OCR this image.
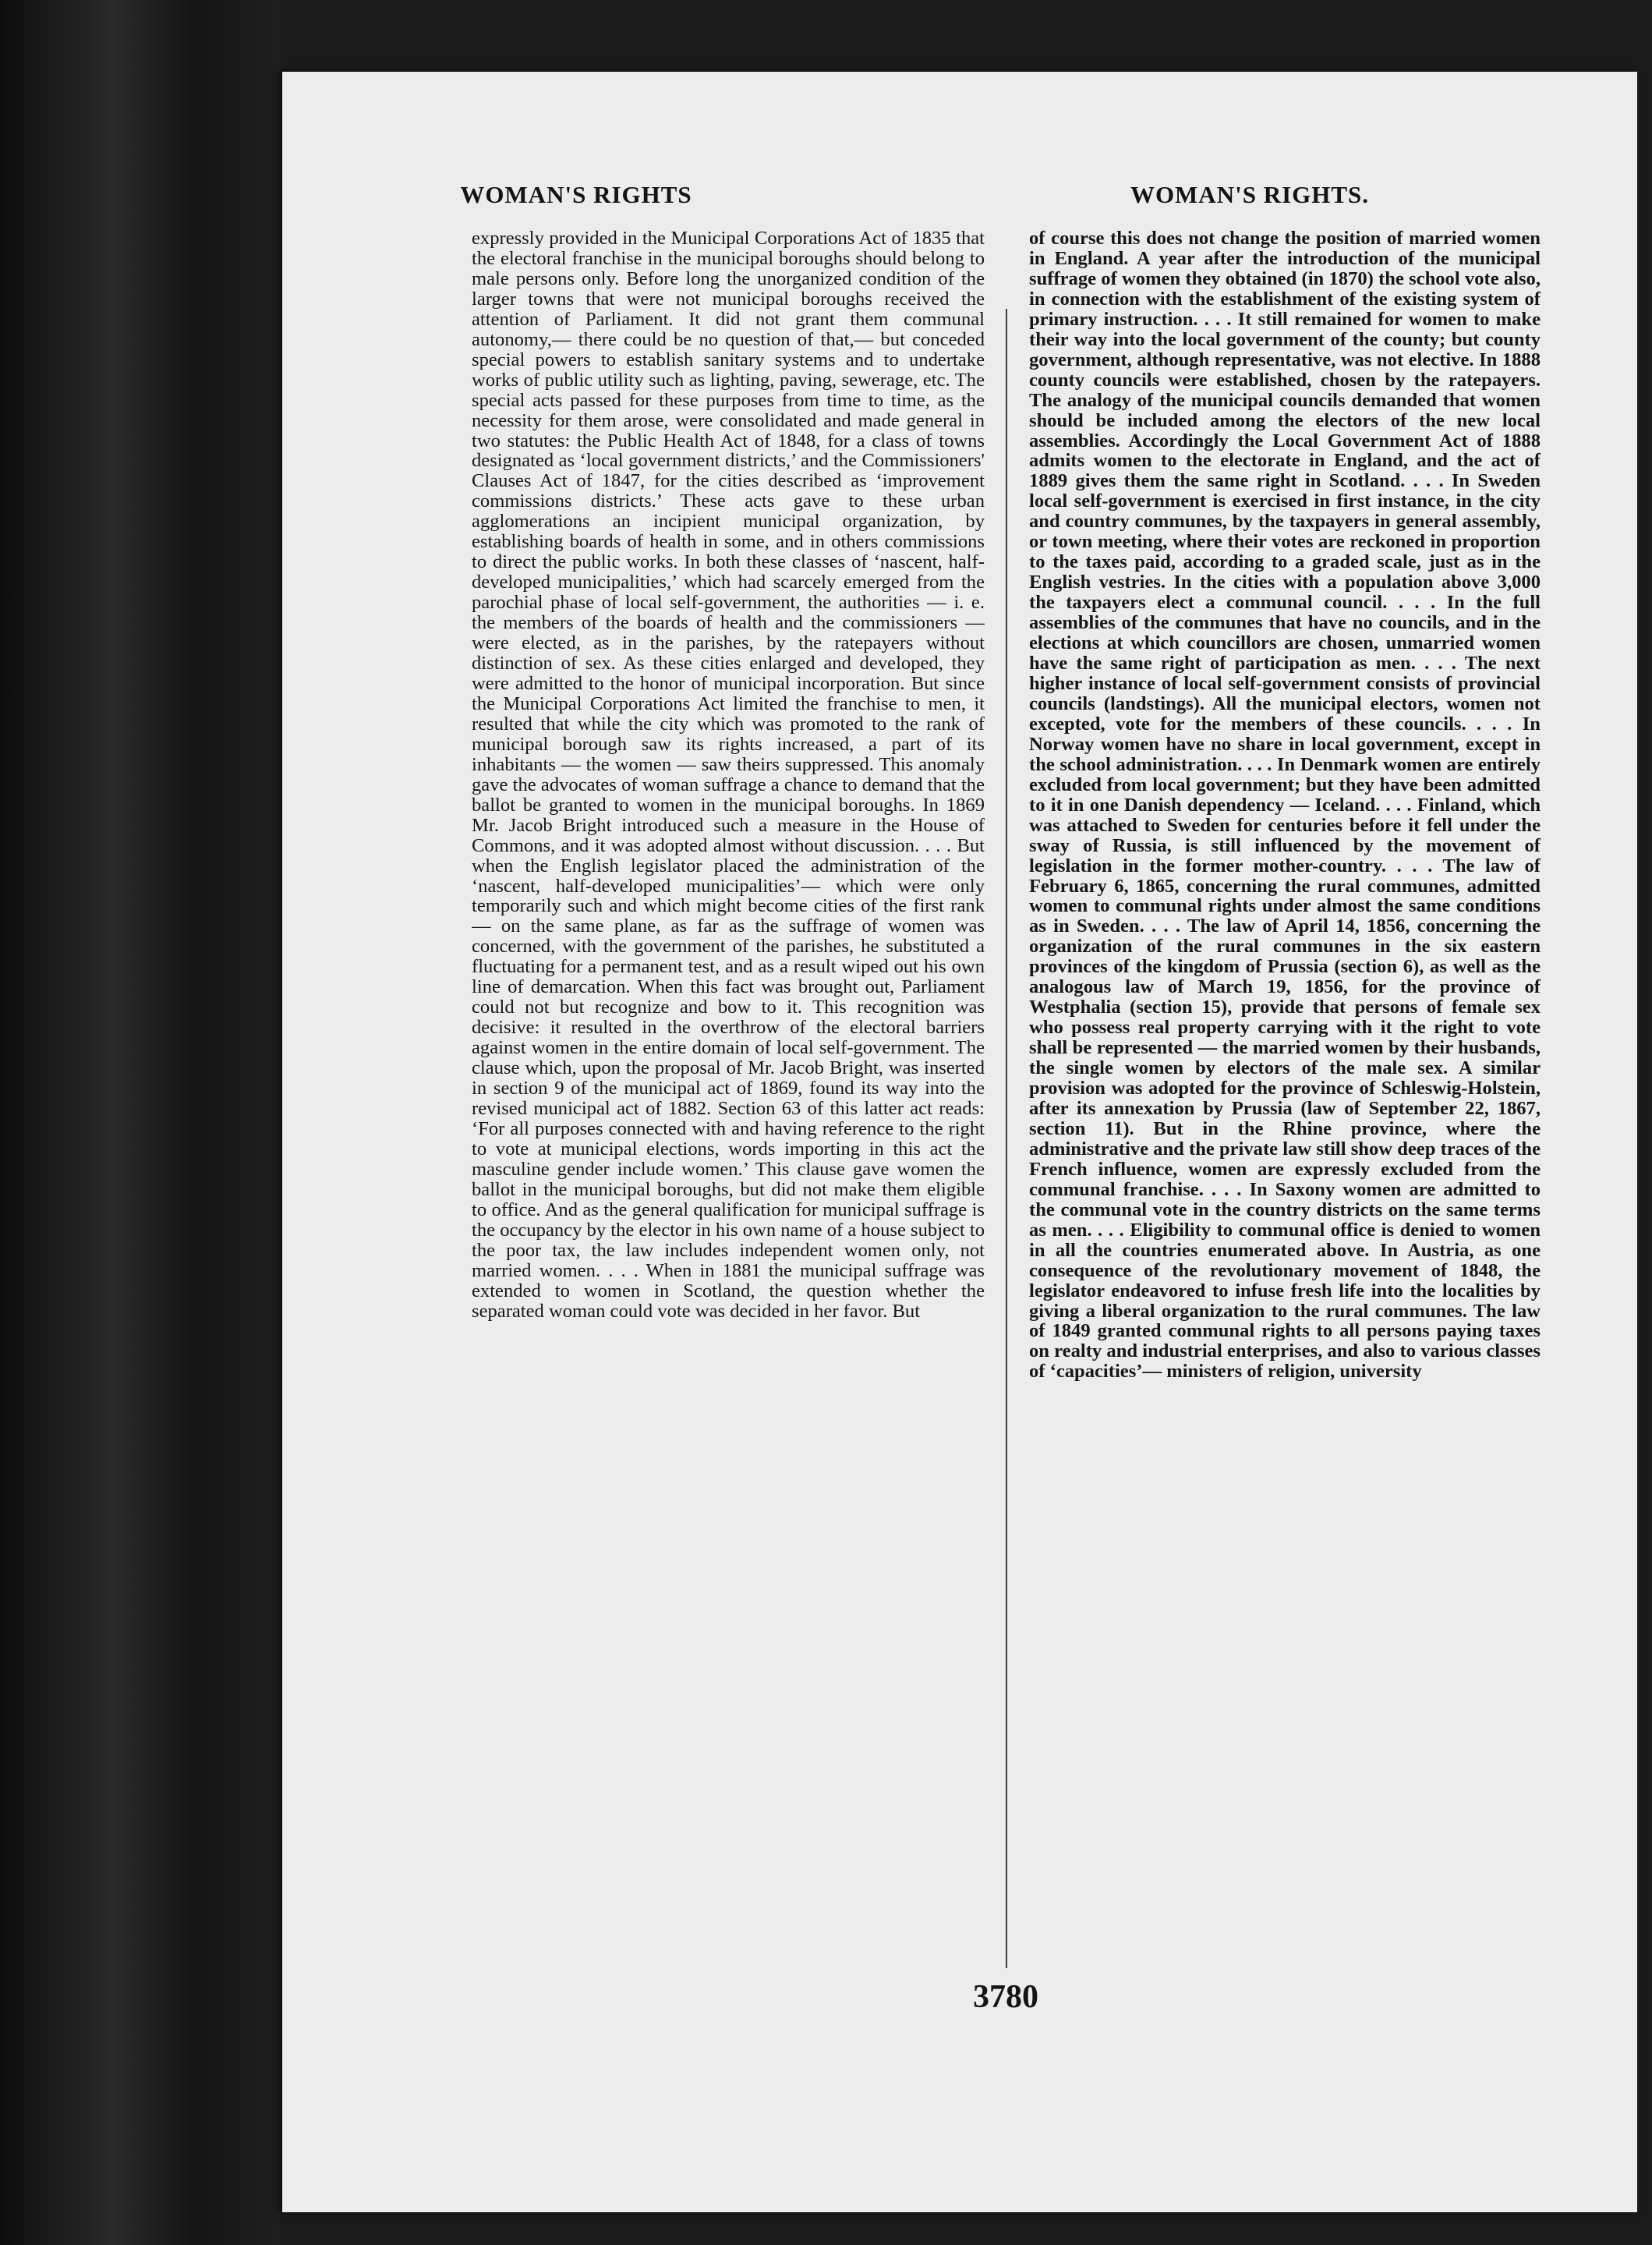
WOMAN'S RIGHTS	WOMAN'S RIGHTS.

expressly provided in the Municipal Corporations Act of 1835 that the electoral franchise in the municipal boroughs should belong to male persons only. Before long the unorganized condition of the larger towns that were not municipal boroughs received the attention of Parliament. It did not grant them communal autonomy,— there could be no question of that,— but conceded special powers to establish sanitary systems and to undertake works of public utility such as lighting, paving, sewerage, etc. The special acts passed for these purposes from time to time, as the necessity for them arose, were consolidated and made general in two statutes: the Public Health Act of 1848, for a class of towns designated as ‘local government districts,’ and the Commissioners' Clauses Act of 1847, for the cities described as ‘improvement commissions districts.’ These acts gave to these urban agglomerations an incipient municipal organization, by establishing boards of health in some, and in others commissions to direct the public works. In both these classes of ‘nascent, half-developed municipalities,’ which had scarcely emerged from the parochial phase of local self-government, the authorities — i. e. the members of the boards of health and the commissioners — were elected, as in the parishes, by the ratepayers without distinction of sex. As these cities enlarged and developed, they were admitted to the honor of municipal incorporation. But since the Municipal Corporations Act limited the franchise to men, it resulted that while the city which was promoted to the rank of municipal borough saw its rights increased, a part of its inhabitants — the women — saw theirs suppressed. This anomaly gave the advocates of woman suffrage a chance to demand that the ballot be granted to women in the municipal boroughs. In 1869 Mr. Jacob Bright introduced such a measure in the House of Commons, and it was adopted almost without discussion. . . . But when the English legislator placed the administration of the ‘nascent, half-developed municipalities’— which were only temporarily such and which might become cities of the first rank — on the same plane, as far as the suffrage of women was concerned, with the government of the parishes, he substituted a fluctuating for a permanent test, and as a result wiped out his own line of demarcation. When this fact was brought out, Parliament could not but recognize and bow to it. This recognition was decisive: it resulted in the overthrow of the electoral barriers against women in the entire domain of local self-government. The clause which, upon the proposal of Mr. Jacob Bright, was inserted in section 9 of the municipal act of 1869, found its way into the revised municipal act of 1882. Section 63 of this latter act reads: ‘For all purposes connected with and having reference to the right to vote at municipal elections, words importing in this act the masculine gender include women.’ This clause gave women the ballot in the municipal boroughs, but did not make them eligible to office. And as the general qualification for municipal suffrage is the occupancy by the elector in his own name of a house subject to the poor tax, the law includes independent women only, not married women. . . . When in 1881 the municipal suffrage was extended to women in Scotland, the question whether the separated woman could vote was decided in her favor. But

of course this does not change the position of married women in England. A year after the introduction of the municipal suffrage of women they obtained (in 1870) the school vote also, in connection with the establishment of the existing system of primary instruction. . . . It still remained for women to make their way into the local government of the county; but county government, although representative, was not elective. In 1888 county councils were established, chosen by the ratepayers. The analogy of the municipal councils demanded that women should be included among the electors of the new local assemblies. Accordingly the Local Government Act of 1888 admits women to the electorate in England, and the act of 1889 gives them the same right in Scotland. . . . In Sweden local self-government is exercised in first instance, in the city and country communes, by the taxpayers in general assembly, or town meeting, where their votes are reckoned in proportion to the taxes paid, according to a graded scale, just as in the English vestries. In the cities with a population above 3,000 the taxpayers elect a communal council. . . . In the full assemblies of the communes that have no councils, and in the elections at which councillors are chosen, unmarried women have the same right of participation as men. . . . The next higher instance of local self-government consists of provincial councils (landstings). All the municipal electors, women not excepted, vote for the members of these councils. . . . In Norway women have no share in local government, except in the school administration. . . . In Denmark women are entirely excluded from local government; but they have been admitted to it in one Danish dependency — Iceland. . . . Finland, which was attached to Sweden for centuries before it fell under the sway of Russia, is still influenced by the movement of legislation in the former mother-country. . . . The law of February 6, 1865, concerning the rural communes, admitted women to communal rights under almost the same conditions as in Sweden. . . . The law of April 14, 1856, concerning the organization of the rural communes in the six eastern provinces of the kingdom of Prussia (section 6), as well as the analogous law of March 19, 1856, for the province of Westphalia (section 15), provide that persons of female sex who possess real property carrying with it the right to vote shall be represented — the married women by their husbands, the single women by electors of the male sex. A similar provision was adopted for the province of Schleswig-Holstein, after its annexation by Prussia (law of September 22, 1867, section 11). But in the Rhine province, where the administrative and the private law still show deep traces of the French influence, women are expressly excluded from the communal franchise. . . . In Saxony women are admitted to the communal vote in the country districts on the same terms as men. . . . Eligibility to communal office is denied to women in all the countries enumerated above. In Austria, as one consequence of the revolutionary movement of 1848, the legislator endeavored to infuse fresh life into the localities by giving a liberal organization to the rural communes. The law of 1849 granted communal rights to all persons paying taxes on realty and industrial enterprises, and also to various classes of ‘capacities’— ministers of religion, university

3780
